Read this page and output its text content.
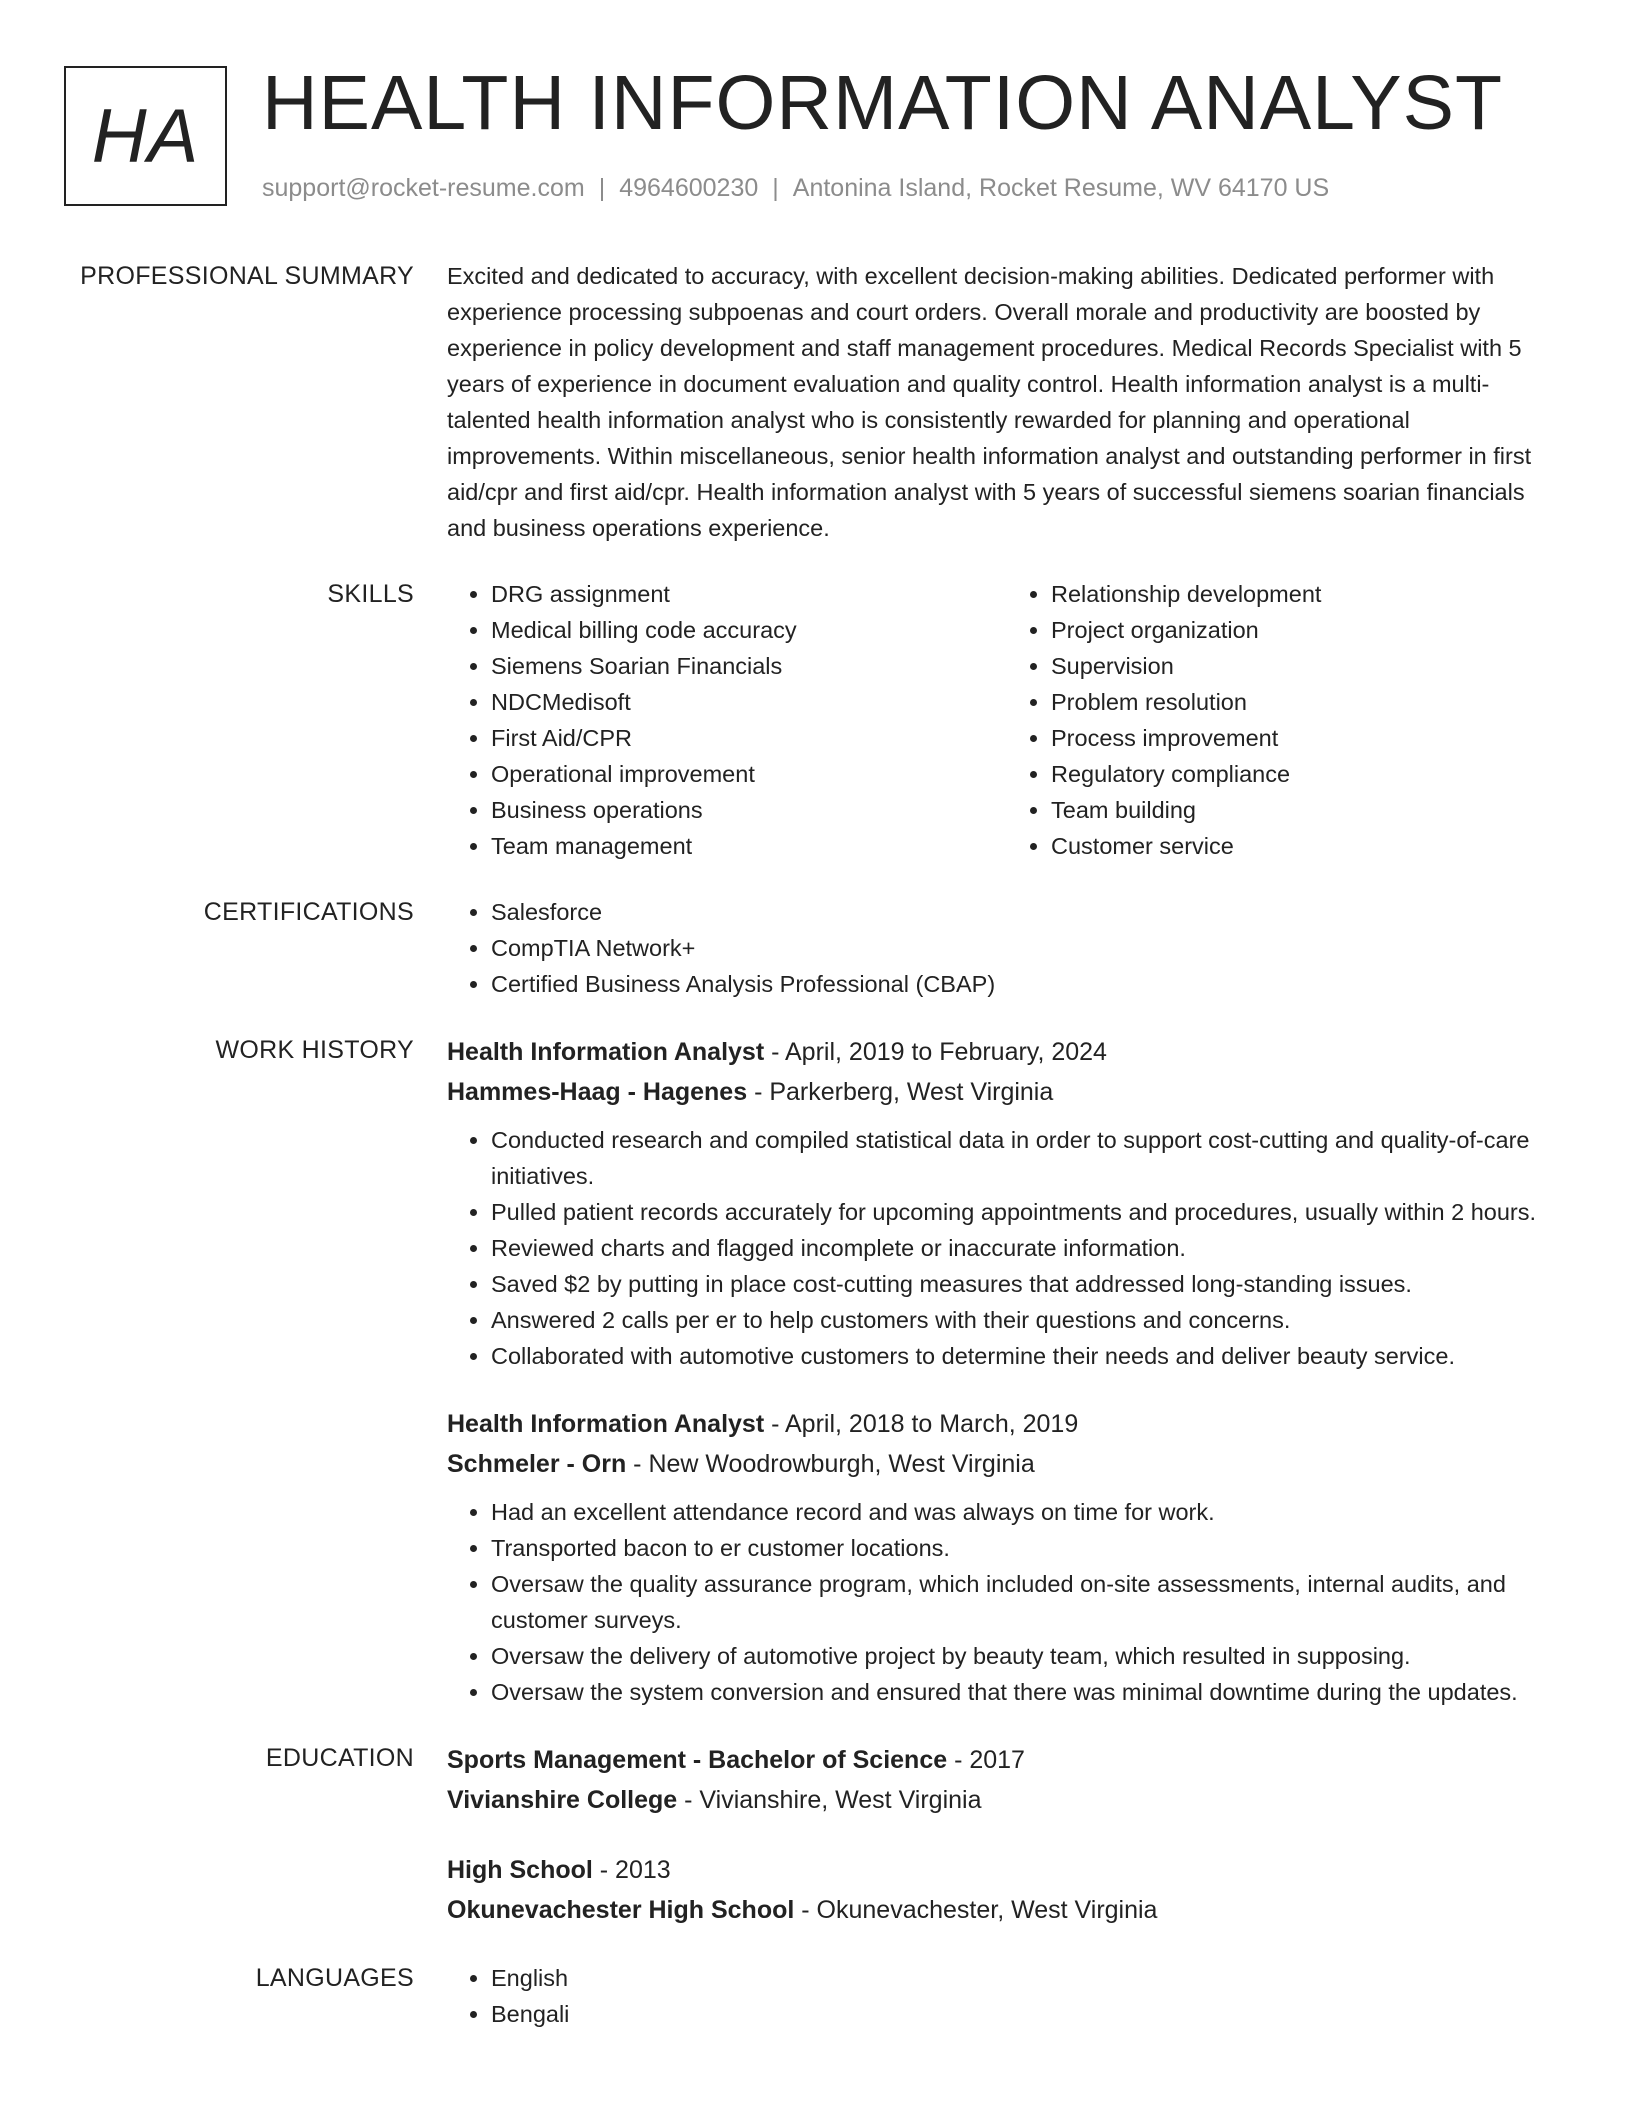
HA HEALTH INFORMATION ANALYST
support@rocket-resume.com | 4964600230 | Antonina Island, Rocket Resume, WV 64170 US
PROFESSIONAL SUMMARY Excited and dedicated to accuracy, with excellent decision-making abilities. Dedicated performer with experience processing subpoenas and court orders. Overall morale and productivity are boosted by experience in policy development and staff management procedures. Medical Records Specialist with 5 years of experience in document evaluation and quality control. Health information analyst is a multi-talented health information analyst who is consistently rewarded for planning and operational improvements. Within miscellaneous, senior health information analyst and outstanding performer in first aid/cpr and first aid/cpr. Health information analyst with 5 years of successful siemens soarian financials and business operations experience.

SKILLS	• DRG assignment
• Medical billing code accuracy
• Siemens Soarian Financials
• NDCMedisoft
• First Aid/CPR
• Operational improvement
• Business operations
• Team management
• Relationship development
• Project organization
• Supervision
• Problem resolution
• Process improvement
• Regulatory compliance
• Team building
• Customer service
CERTIFICATIONS	• Salesforce
• CompTIA Network+
• Certified Business Analysis Professional (CBAP)
WORK HISTORY Health Information Analyst - April, 2019 to February, 2024
Hammes-Haag - Hagenes - Parkerberg, West Virginia
• Conducted research and compiled statistical data in order to support cost-cutting and quality-of-care initiatives.
• Pulled patient records accurately for upcoming appointments and procedures, usually within 2 hours.
• Reviewed charts and flagged incomplete or inaccurate information.
• Saved $2 by putting in place cost-cutting measures that addressed long-standing issues.
• Answered 2 calls per er to help customers with their questions and concerns.
• Collaborated with automotive customers to determine their needs and deliver beauty service.
Health Information Analyst - April, 2018 to March, 2019
Schmeler - Orn - New Woodrowburgh, West Virginia
• Had an excellent attendance record and was always on time for work.
• Transported bacon to er customer locations.
• Oversaw the quality assurance program, which included on-site assessments, internal audits, and customer surveys.
• Oversaw the delivery of automotive project by beauty team, which resulted in supposing.
• Oversaw the system conversion and ensured that there was minimal downtime during the updates.
EDUCATION Sports Management - Bachelor of Science - 2017
Vivianshire College - Vivianshire, West Virginia
High School - 2013
Okunevachester High School - Okunevachester, West Virginia
LANGUAGES	• English
• Bengali
